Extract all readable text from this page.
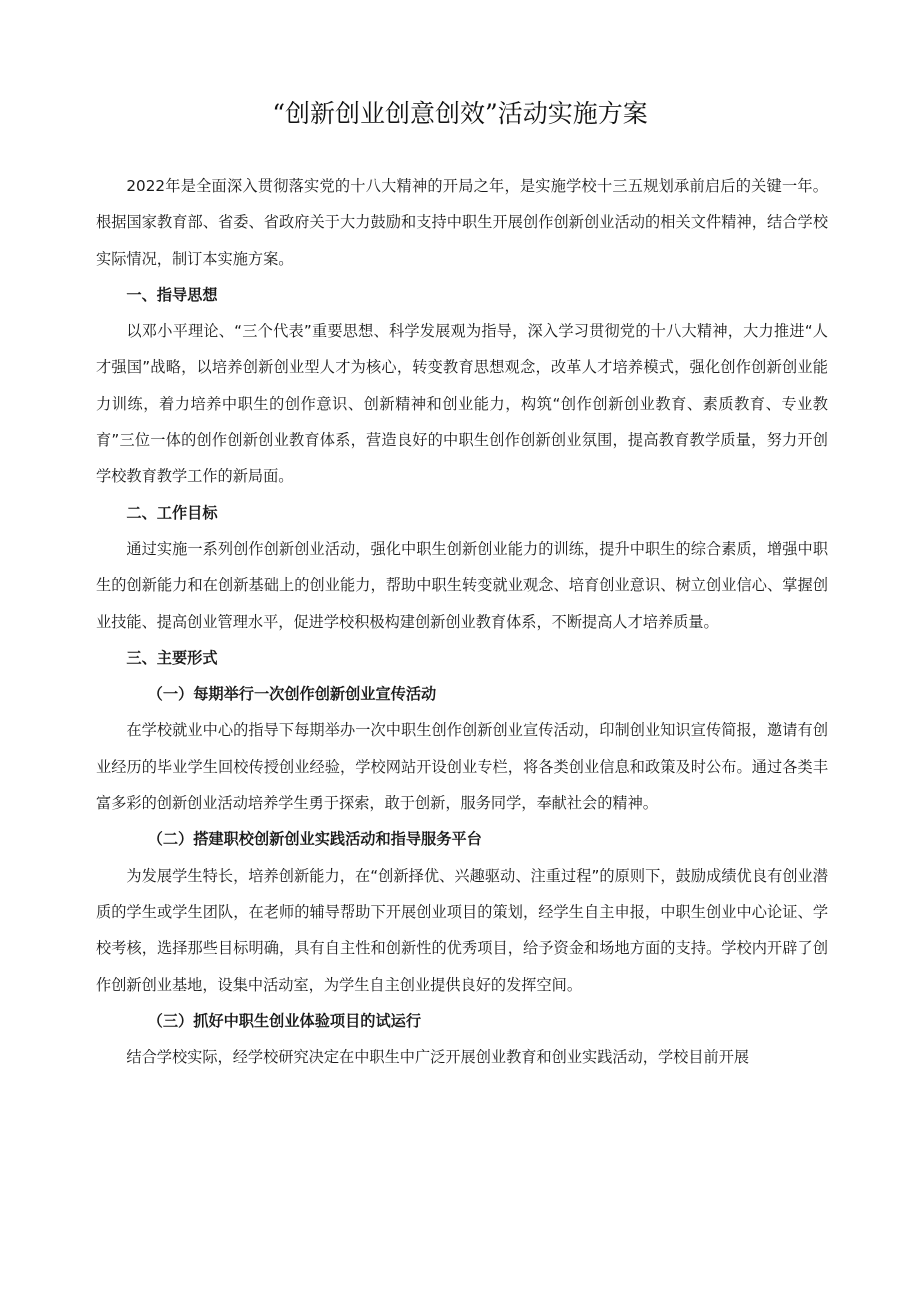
“创新创业创意创效”活动实施方案

2022年是全面深入贯彻落实党的十八大精神的开局之年，是实施学校十三五规划承前启后的关键一年。根据国家教育部、省委、省政府关于大力鼓励和支持中职生开展创作创新创业活动的相关文件精神，结合学校实际情况，制订本实施方案。

一、指导思想

以邓小平理论、“三个代表”重要思想、科学发展观为指导，深入学习贯彻党的十八大精神，大力推进“人才强国”战略，以培养创新创业型人才为核心，转变教育思想观念，改革人才培养模式，强化创作创新创业能力训练，着力培养中职生的创作意识、创新精神和创业能力，构筑“创作创新创业教育、素质教育、专业教育”三位一体的创作创新创业教育体系，营造良好的中职生创作创新创业氛围，提高教育教学质量，努力开创学校教育教学工作的新局面。

二、工作目标

通过实施一系列创作创新创业活动，强化中职生创新创业能力的训练，提升中职生的综合素质，增强中职生的创新能力和在创新基础上的创业能力，帮助中职生转变就业观念、培育创业意识、树立创业信心、掌握创业技能、提高创业管理水平，促进学校积极构建创新创业教育体系，不断提高人才培养质量。

三、主要形式

（一）每期举行一次创作创新创业宣传活动

在学校就业中心的指导下每期举办一次中职生创作创新创业宣传活动，印制创业知识宣传简报，邀请有创业经历的毕业学生回校传授创业经验，学校网站开设创业专栏，将各类创业信息和政策及时公布。通过各类丰富多彩的创新创业活动培养学生勇于探索，敢于创新，服务同学，奉献社会的精神。

（二）搭建职校创新创业实践活动和指导服务平台

为发展学生特长，培养创新能力，在“创新择优、兴趣驱动、注重过程”的原则下，鼓励成绩优良有创业潜质的学生或学生团队，在老师的辅导帮助下开展创业项目的策划，经学生自主申报，中职生创业中心论证、学校考核，选择那些目标明确，具有自主性和创新性的优秀项目，给予资金和场地方面的支持。学校内开辟了创作创新创业基地，设集中活动室，为学生自主创业提供良好的发挥空间。

（三）抓好中职生创业体验项目的试运行

结合学校实际，经学校研究决定在中职生中广泛开展创业教育和创业实践活动，学校目前开展
